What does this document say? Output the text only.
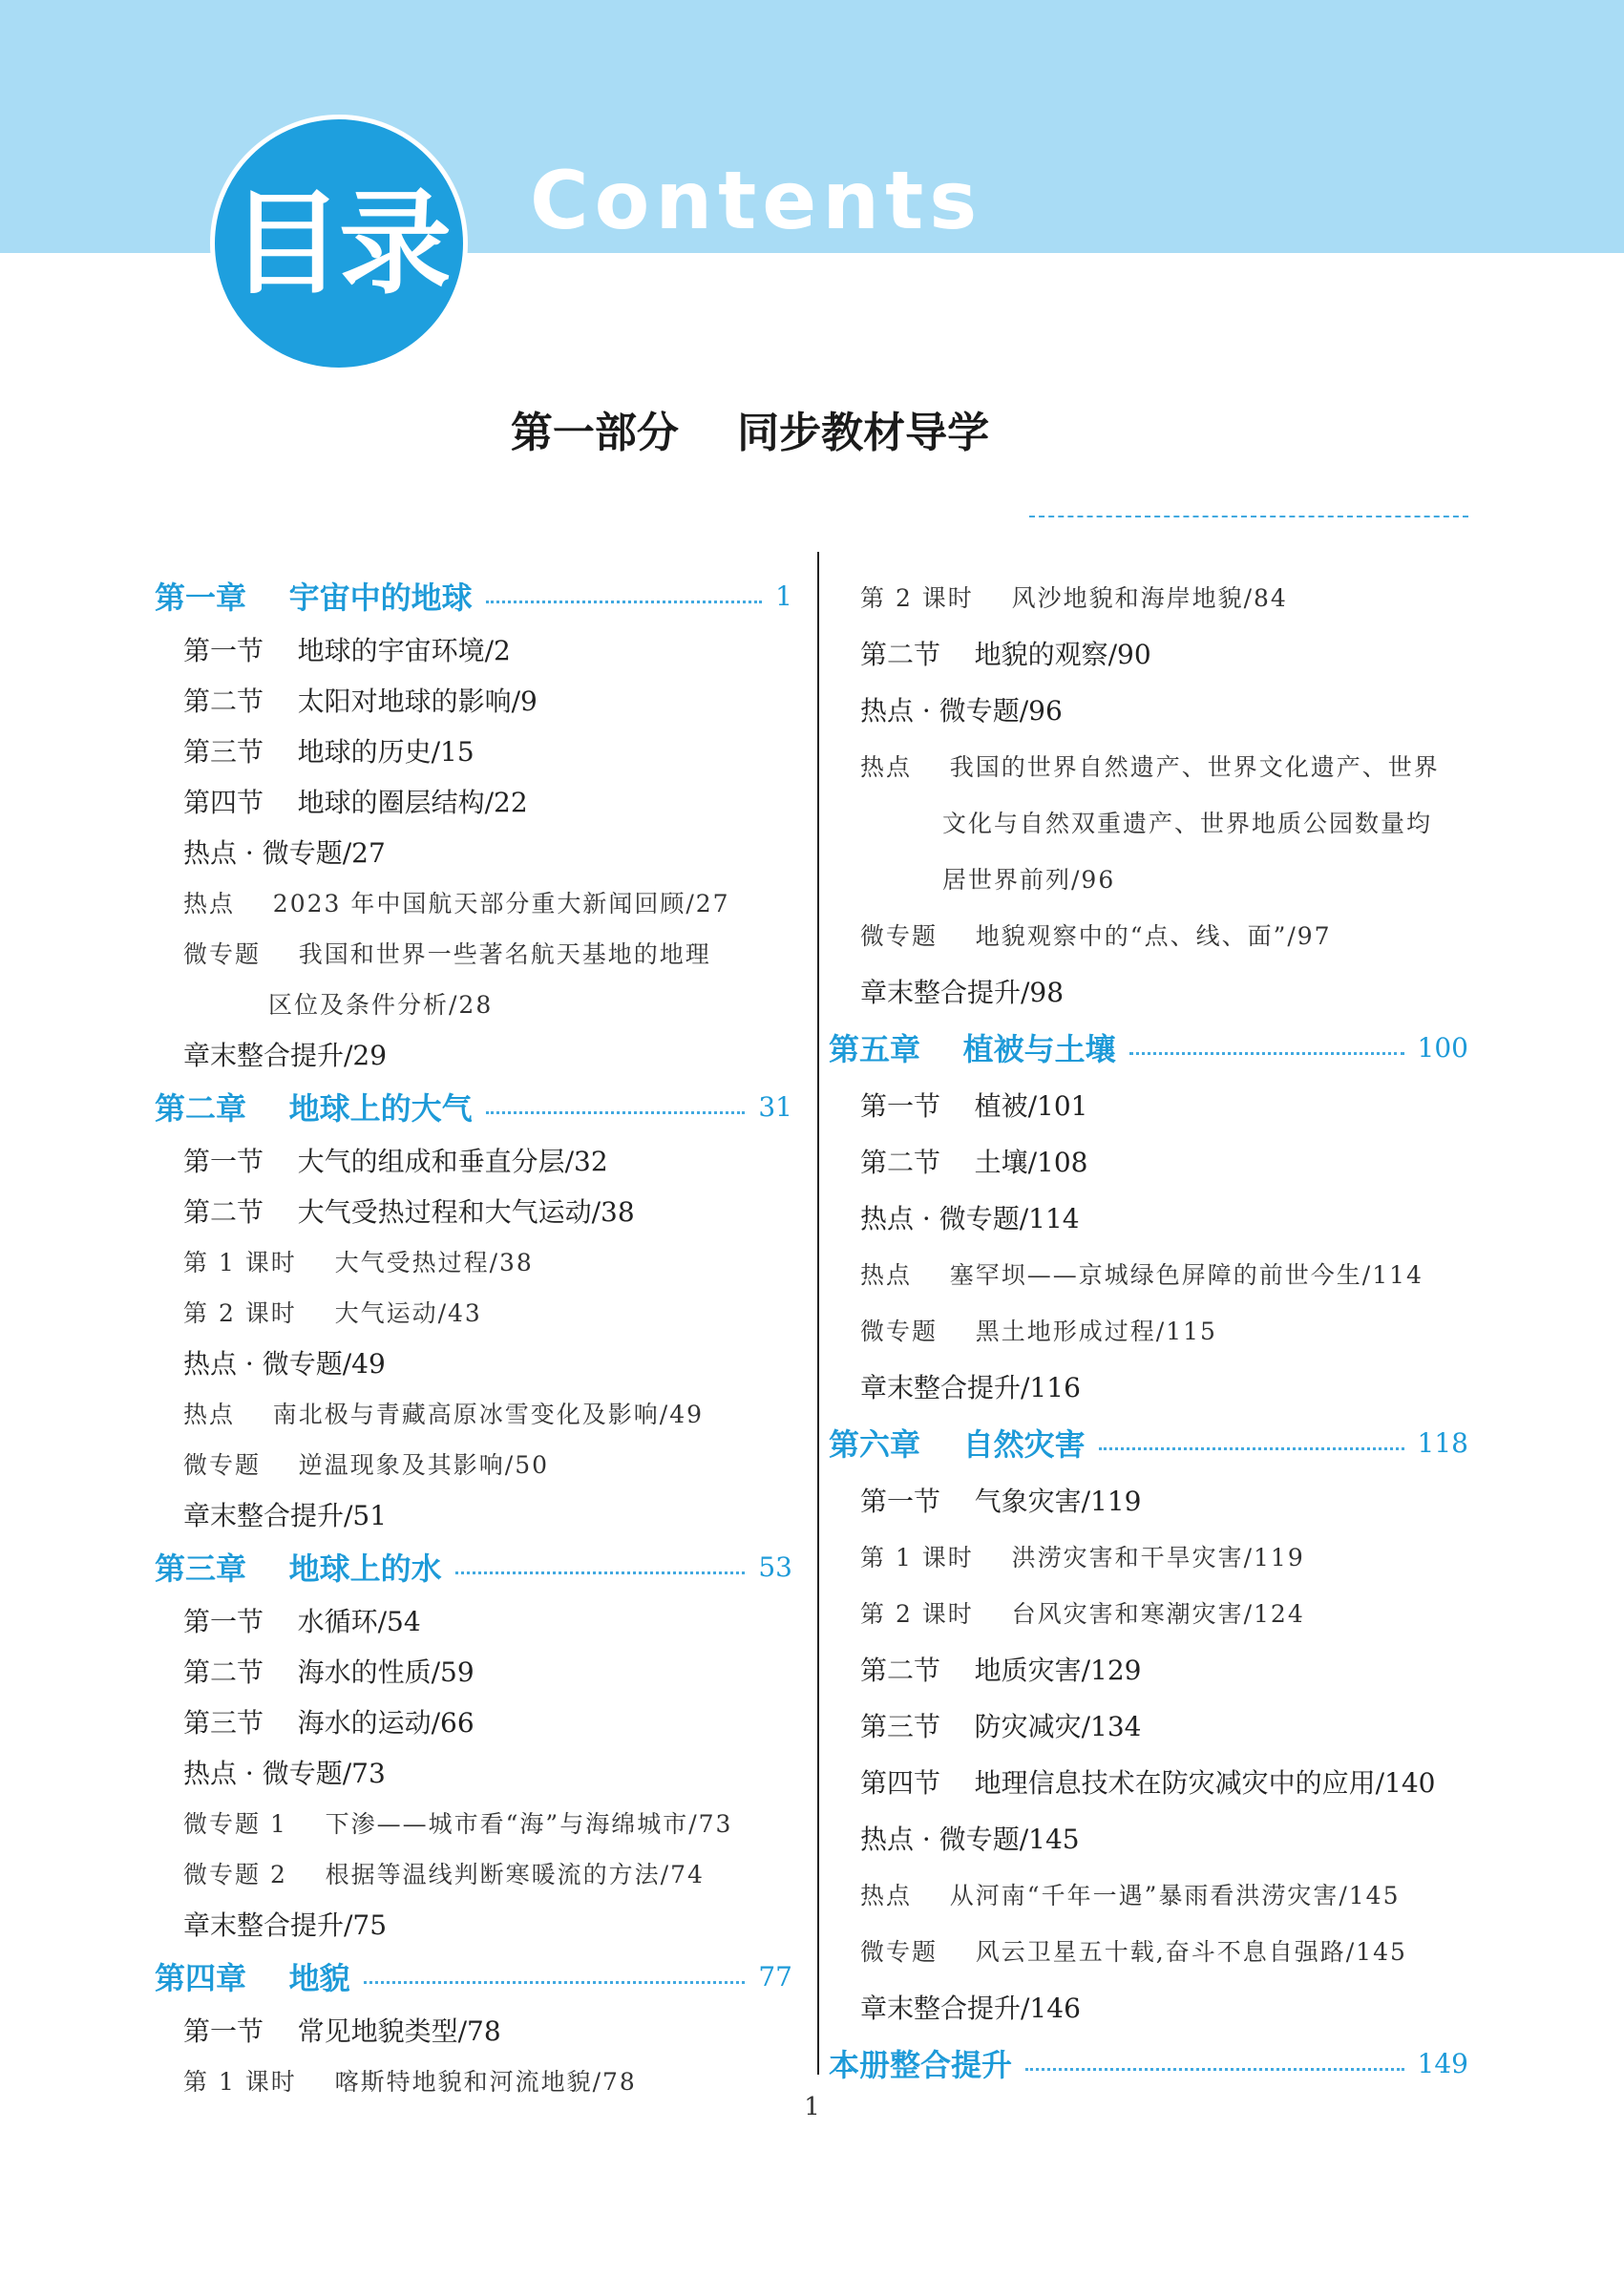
目录 Contents
第一部分    同步教材导学
第一章    宇宙中的地球	1
第一节    地球的宇宙环境/2
第二节    太阳对地球的影响/9
第三节    地球的历史/15
第四节    地球的圈层结构/22
热点 · 微专题/27
热点    2023 年中国航天部分重大新闻回顾/27
微专题    我国和世界一些著名航天基地的地理
区位及条件分析/28
章末整合提升/29
第二章    地球上的大气	31
第一节    大气的组成和垂直分层/32
第二节    大气受热过程和大气运动/38
第 1 课时    大气受热过程/38
第 2 课时    大气运动/43
热点 · 微专题/49
热点    南北极与青藏高原冰雪变化及影响/49
微专题    逆温现象及其影响/50
章末整合提升/51
第三章    地球上的水	53
第一节    水循环/54
第二节    海水的性质/59
第三节    海水的运动/66
热点 · 微专题/73
微专题 1    下渗——城市看“海”与海绵城市/73
微专题 2    根据等温线判断寒暖流的方法/74
章末整合提升/75
第四章    地貌	77
第一节    常见地貌类型/78
第 1 课时    喀斯特地貌和河流地貌/78
第 2 课时    风沙地貌和海岸地貌/84
第二节    地貌的观察/90
热点 · 微专题/96
热点    我国的世界自然遗产、世界文化遗产、世界
文化与自然双重遗产、世界地质公园数量均
居世界前列/96
微专题    地貌观察中的“点、线、面”/97
章末整合提升/98
第五章    植被与土壤	100
第一节    植被/101
第二节    土壤/108
热点 · 微专题/114
热点    塞罕坝——京城绿色屏障的前世今生/114
微专题    黑土地形成过程/115
章末整合提升/116
第六章    自然灾害	118
第一节    气象灾害/119
第 1 课时    洪涝灾害和干旱灾害/119
第 2 课时    台风灾害和寒潮灾害/124
第二节    地质灾害/129
第三节    防灾减灾/134
第四节    地理信息技术在防灾减灾中的应用/140
热点 · 微专题/145
热点    从河南“千年一遇”暴雨看洪涝灾害/145
微专题    风云卫星五十载,奋斗不息自强路/145
章末整合提升/146
本册整合提升	149
1
